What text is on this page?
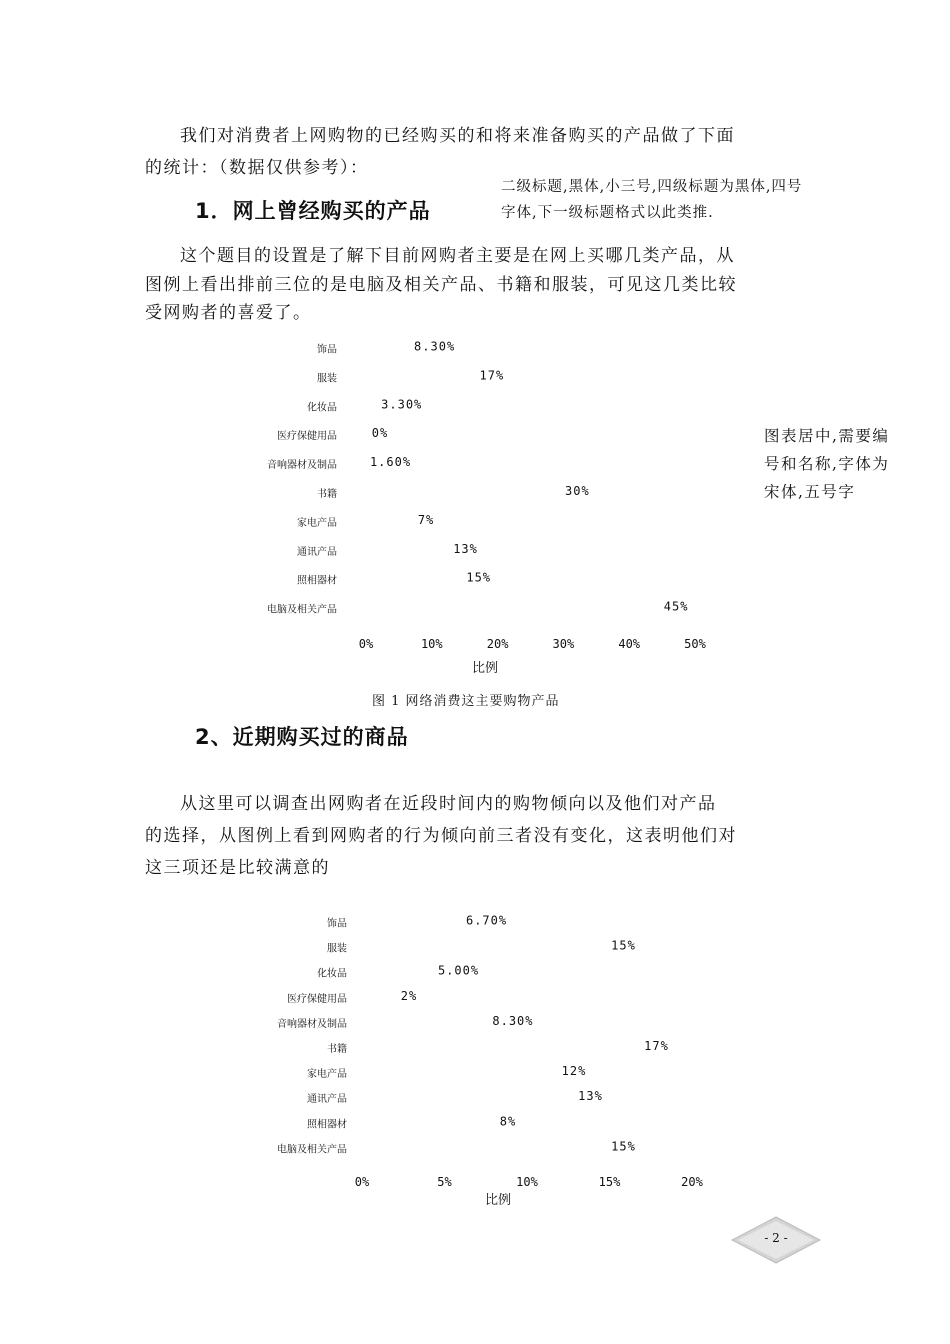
我们对消费者上网购物的已经购买的和将来准备购买的产品做了下面
的统计：（数据仅供参考）：
1．网上曾经购买的产品
二级标题,黑体,小三号,四级标题为黑体,四号
字体,下一级标题格式以此类推.
这个题目的设置是了解下目前网购者主要是在网上买哪几类产品，从
图例上看出排前三位的是电脑及相关产品、书籍和服装，可见这几类比较
受网购者的喜爱了。
饰品	8.30%
服装	17%
化妆品	3.30%
医疗保健用品	0%
音响器材及制品	1.60%
书籍	30%
家电产品	7%
通讯产品	13%
照相器材	15%
电脑及相关产品	45%
0%	10%	20%	30%	40%	50%
比例
图表居中,需要编
号和名称,字体为
宋体,五号字
图 1 网络消费这主要购物产品
2、近期购买过的商品
从这里可以调查出网购者在近段时间内的购物倾向以及他们对产品
的选择，从图例上看到网购者的行为倾向前三者没有变化，这表明他们对
这三项还是比较满意的
饰品	6.70%
服装	15%
化妆品	5.00%
医疗保健用品	2%
音响器材及制品	8.30%
书籍	17%
家电产品	12%
通讯产品	13%
照相器材	8%
电脑及相关产品	15%
0%	5%	10%	15%	20%
比例
- 2 -
